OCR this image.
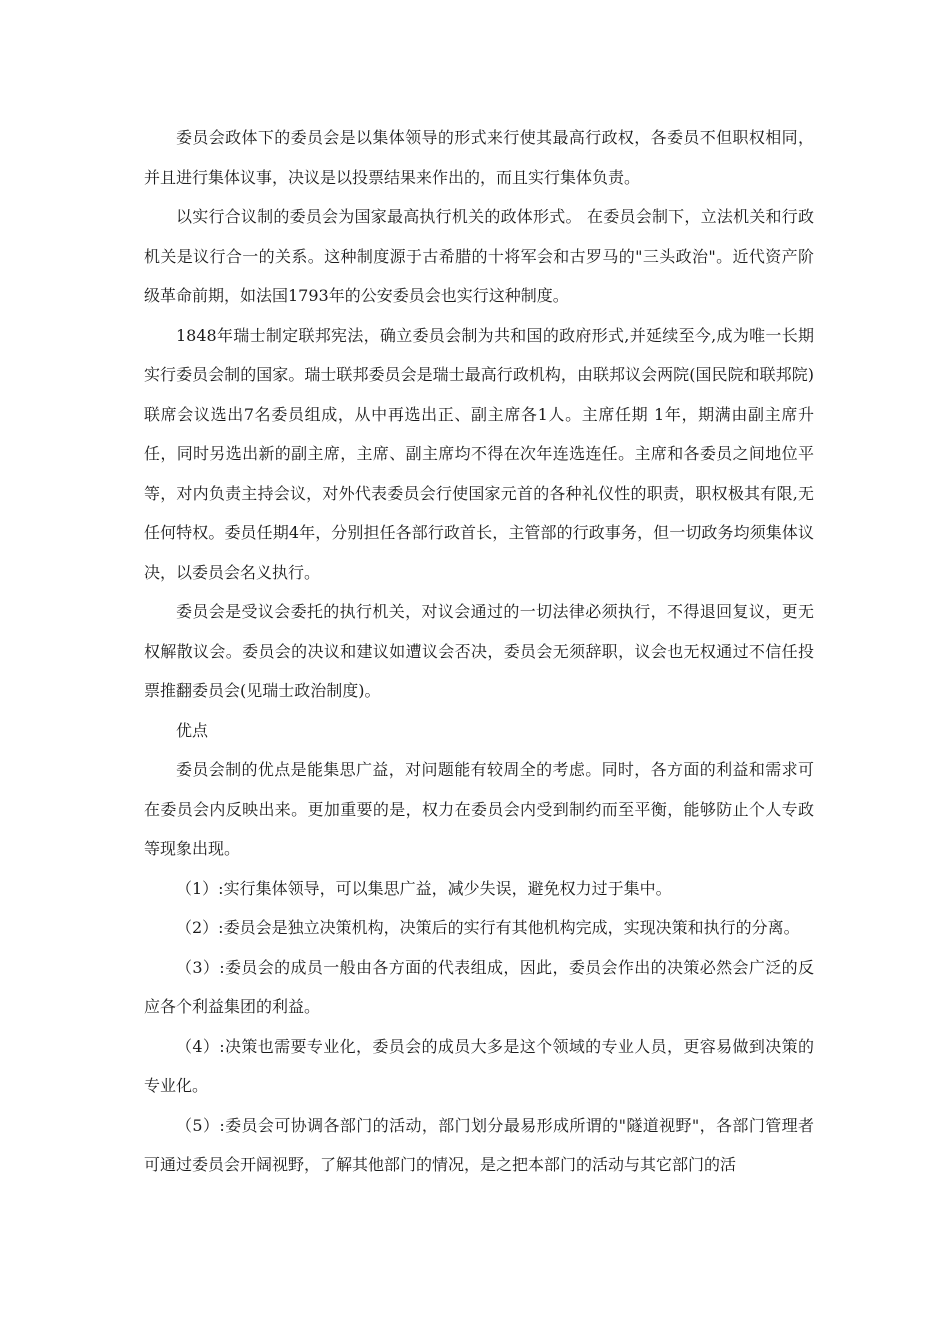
委员会政体下的委员会是以集体领导的形式来行使其最高行政权，各委员不但职权相同，并且进行集体议事，决议是以投票结果来作出的，而且实行集体负责。

以实行合议制的委员会为国家最高执行机关的政体形式。 在委员会制下，立法机关和行政机关是议行合一的关系。这种制度源于古希腊的十将军会和古罗马的"三头政治"。近代资产阶级革命前期，如法国1793年的公安委员会也实行这种制度。

1848年瑞士制定联邦宪法，确立委员会制为共和国的政府形式,并延续至今,成为唯一长期实行委员会制的国家。瑞士联邦委员会是瑞士最高行政机构，由联邦议会两院(国民院和联邦院)联席会议选出7名委员组成，从中再选出正、副主席各1人。主席任期 1年，期满由副主席升任，同时另选出新的副主席，主席、副主席均不得在次年连选连任。主席和各委员之间地位平等，对内负责主持会议，对外代表委员会行使国家元首的各种礼仪性的职责，职权极其有限,无任何特权。委员任期4年，分别担任各部行政首长，主管部的行政事务，但一切政务均须集体议决，以委员会名义执行。

委员会是受议会委托的执行机关，对议会通过的一切法律必须执行，不得退回复议，更无权解散议会。委员会的决议和建议如遭议会否决，委员会无须辞职，议会也无权通过不信任投票推翻委员会(见瑞士政治制度)。

优点

委员会制的优点是能集思广益，对问题能有较周全的考虑。同时，各方面的利益和需求可在委员会内反映出来。更加重要的是，权力在委员会内受到制约而至平衡，能够防止个人专政等现象出现。

（1）:实行集体领导，可以集思广益，减少失误，避免权力过于集中。

（2）:委员会是独立决策机构，决策后的实行有其他机构完成，实现决策和执行的分离。

（3）:委员会的成员一般由各方面的代表组成，因此，委员会作出的决策必然会广泛的反应各个利益集团的利益。

（4）:决策也需要专业化，委员会的成员大多是这个领域的专业人员，更容易做到决策的专业化。

（5）:委员会可协调各部门的活动，部门划分最易形成所谓的"隧道视野"，各部门管理者可通过委员会开阔视野，了解其他部门的情况，是之把本部门的活动与其它部门的活
